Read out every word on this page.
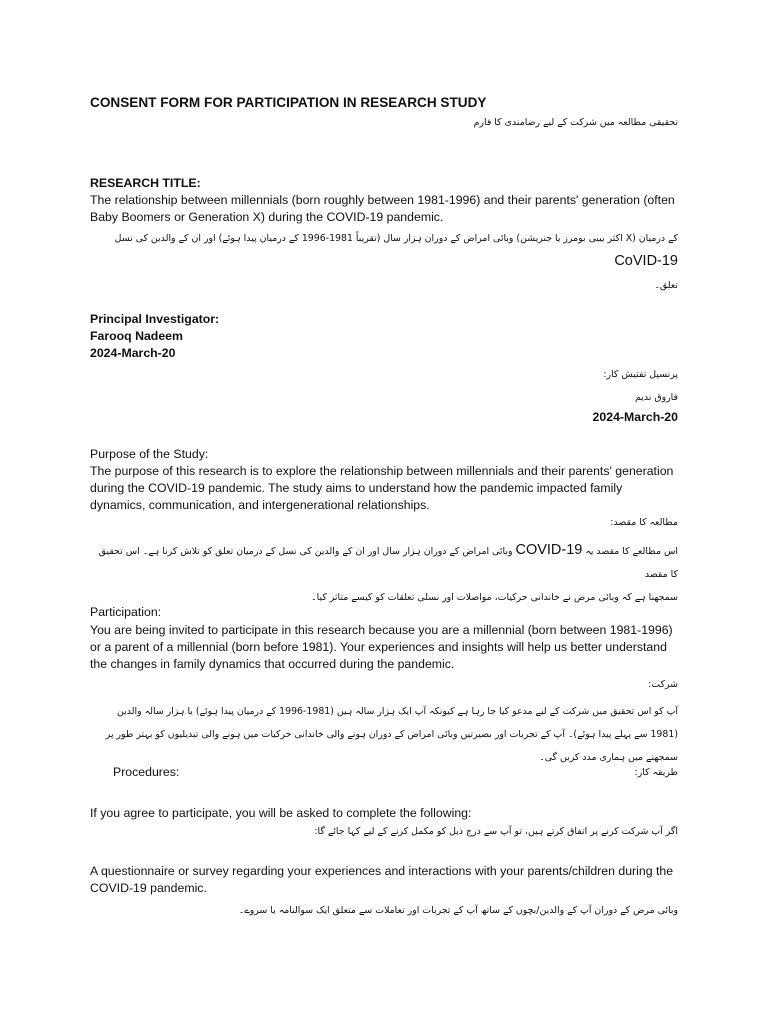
CONSENT FORM FOR PARTICIPATION IN RESEARCH STUDY
تحقیقی مطالعہ میں شرکت کے لیے رضامندی کا فارم
RESEARCH TITLE:
The relationship between millennials (born roughly between 1981-1996) and their parents' generation (often Baby Boomers or Generation X) during the COVID-19 pandemic.
کے درمیان (X اکثر بیبی بومرز یا جنریشن) وبائی امراض کے دوران ہزار سال (تقریباً 1981-1996 کے درمیان پیدا ہوئے) اور ان کے والدین کی نسل CoVID-19
تعلق۔
Principal Investigator:
Farooq Nadeem
2024-March-20
پرنسپل تفتیش کار:
فاروق ندیم
2024-March-20
Purpose of the Study:
The purpose of this research is to explore the relationship between millennials and their parents' generation during the COVID-19 pandemic. The study aims to understand how the pandemic impacted family dynamics, communication, and intergenerational relationships.
مطالعہ کا مقصد:
اس مطالعے کا مقصد یہ COVID-19 وبائی امراض کے دوران ہزار سال اور ان کے والدین کی نسل کے درمیان تعلق کو تلاش کرنا ہے۔ اس تحقیق کا مقصد
سمجھنا ہے کہ وبائی مرض نے خاندانی حرکیات، مواصلات اور نسلی تعلقات کو کیسے متاثر کیا۔
Participation:
You are being invited to participate in this research because you are a millennial (born between 1981-1996) or a parent of a millennial (born before 1981). Your experiences and insights will help us better understand the changes in family dynamics that occurred during the pandemic.
شرکت:
آپ کو اس تحقیق میں شرکت کے لیے مدعو کیا جا رہا ہے کیونکہ آپ ایک ہزار سالہ ہیں (1981-1996 کے درمیان پیدا ہوئے) یا ہزار سالہ والدین (1981 سے پہلے پیدا ہوئے)۔ آپ کے تجربات اور بصیرتیں وبائی امراض کے دوران ہونے والی خاندانی حرکیات میں ہونے والی تبدیلیوں کو بہتر طور پر سمجھنے میں ہماری مدد کریں گی۔
Procedures:	طریقہ کار:
If you agree to participate, you will be asked to complete the following:
اگر آپ شرکت کرنے پر اتفاق کرتے ہیں، تو آپ سے درج ذیل کو مکمل کرنے کے لیے کہا جائے گا:
A questionnaire or survey regarding your experiences and interactions with your parents/children during the COVID-19 pandemic.
وبائی مرض کے دوران آپ کے والدین/بچوں کے ساتھ آپ کے تجربات اور تعاملات سے متعلق ایک سوالنامہ یا سروے۔
